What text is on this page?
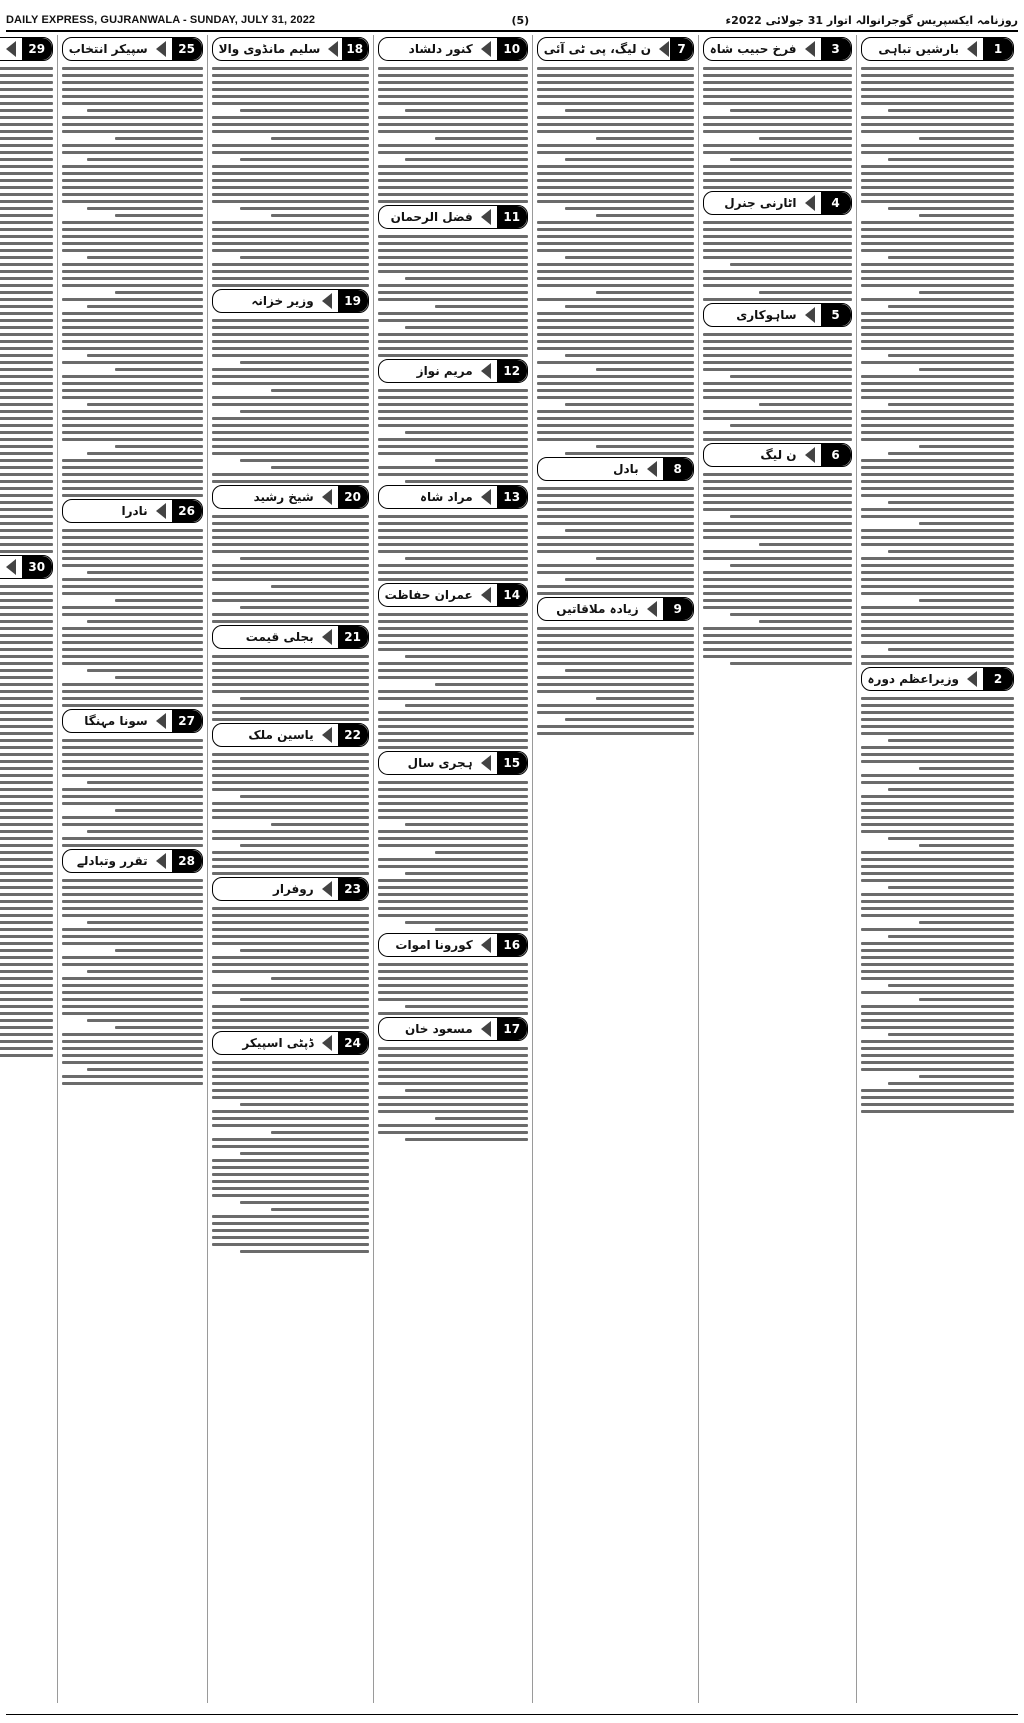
DAILY EXPRESS, GUJRANWALA - SUNDAY, JULY 31, 2022	(5)	روزنامہ ایکسپریس گوجرانوالہ اتوار 31 جولائی 2022ء
بارشیں تباہی	1
وزیراعظم دورہ	2
فرخ حبیب شاہ	3
اٹارنی جنرل	4
ساہوکاری	5
ن لیگ	6
ن لیگ، پی ٹی آئی	7
بادل	8
زیادہ ملاقاتیں	9
کنور دلشاد	10
فضل الرحمان	11
مریم نواز	12
مراد شاہ	13
عمران حفاظت	14
ہجری سال	15
کورونا اموات	16
مسعود خان	17
سلیم مانڈوی والا	18
وزیر خزانہ	19
شیخ رشید	20
بجلی قیمت	21
یاسین ملک	22
روفرار	23
ڈپٹی اسپیکر	24
سپیکر انتخاب	25
نادرا	26
سونا مہنگا	27
تقرر وتبادلے	28
29
30
